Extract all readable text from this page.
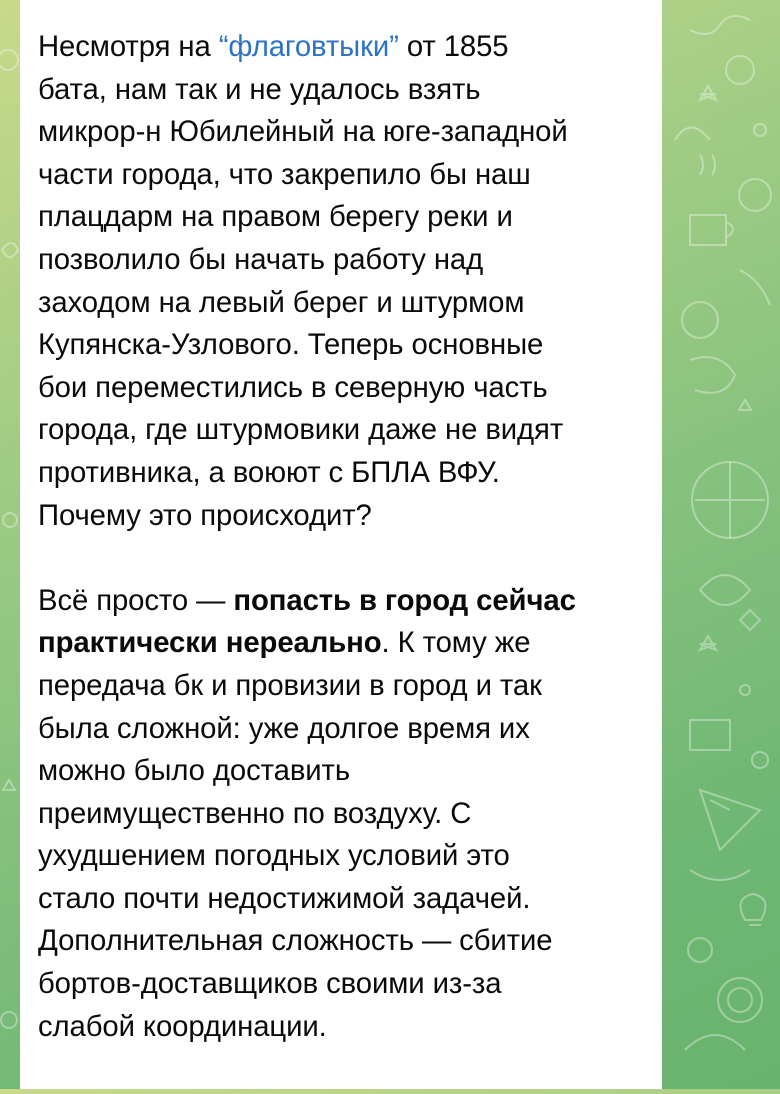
Несмотря на “флаговтыки” от 1855
бата, нам так и не удалось взять
микрор-н Юбилейный на юге-западной
части города, что закрепило бы наш
плацдарм на правом берегу реки и
позволило бы начать работу над
заходом на левый берег и штурмом
Купянска-Узлового. Теперь основные
бои переместились в северную часть
города, где штурмовики даже не видят
противника, а воюют с БПЛА ВФУ.
Почему это происходит?
Всё просто — попасть в город сейчас
практически нереально. К тому же
передача бк и провизии в город и так
была сложной: уже долгое время их
можно было доставить
преимущественно по воздуху. С
ухудшением погодных условий это
стало почти недостижимой задачей.
Дополнительная сложность — сбитие
бортов-доставщиков своими из-за
слабой координации.
